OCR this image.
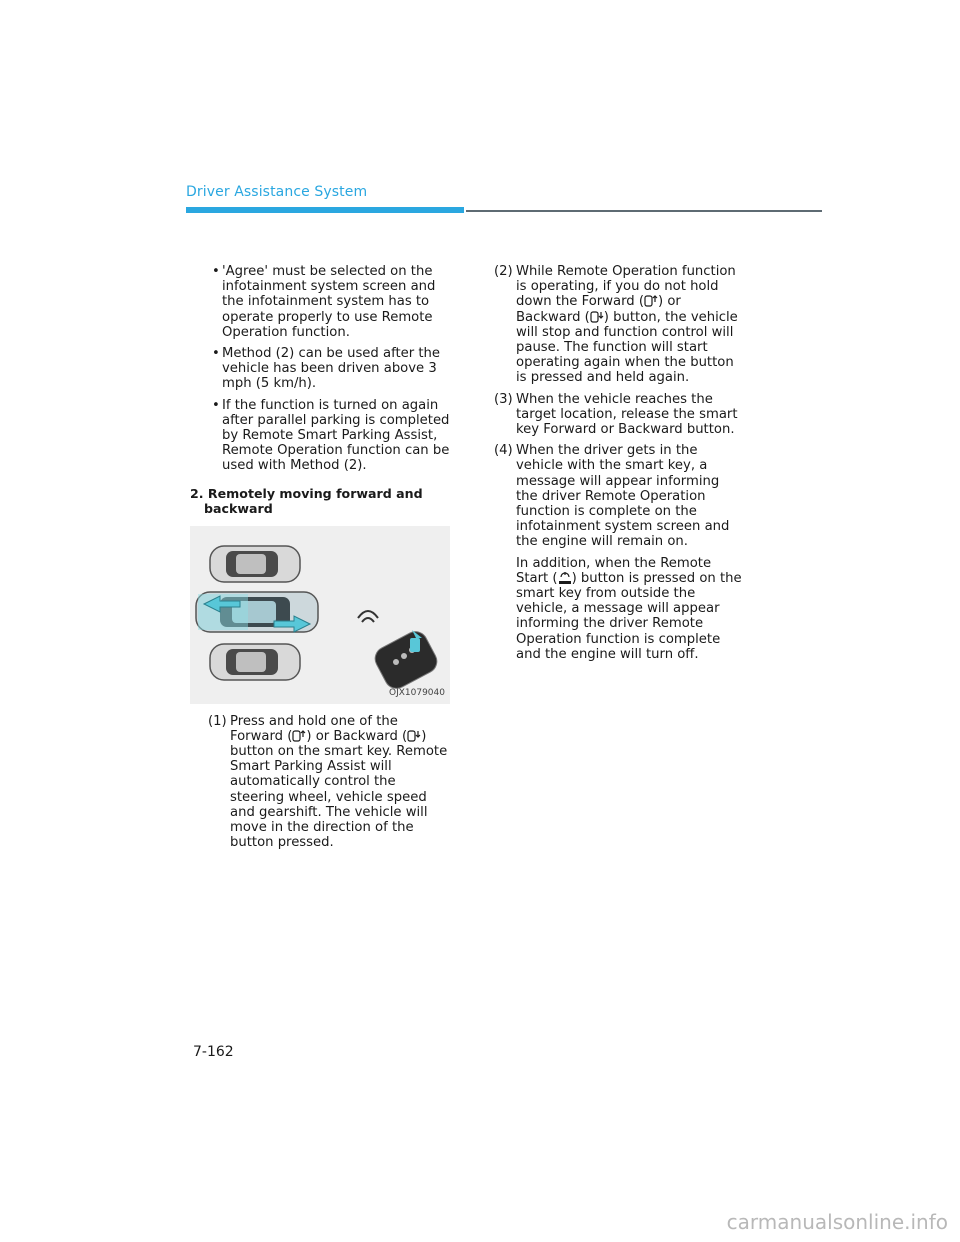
Driver Assistance System
• 'Agree' must be selected on the infotainment system screen and the infotainment system has to operate properly to use Remote Operation function.
• Method (2) can be used after the vehicle has been driven above 3 mph (5 km/h).
• If the function is turned on again after parallel parking is completed by Remote Smart Parking Assist, Remote Operation function can be used with Method (2).
2. Remotely moving forward and backward
OJX1079040
(1) Press and hold one of the Forward ( ) or Backward ( ) button on the smart key. Remote Smart Parking Assist will automatically control the steering wheel, vehicle speed and gearshift. The vehicle will move in the direction of the button pressed.
(2) While Remote Operation function is operating, if you do not hold down the Forward ( ) or Backward ( ) button, the vehicle will stop and function control will pause. The function will start operating again when the button is pressed and held again.
(3) When the vehicle reaches the target location, release the smart key Forward or Backward button.
(4) When the driver gets in the vehicle with the smart key, a message will appear informing the driver Remote Operation function is complete on the infotainment system screen and the engine will remain on.
In addition, when the Remote Start ( ) button is pressed on the smart key from outside the vehicle, a message will appear informing the driver Remote Operation function is complete and the engine will turn off.
7-162
carmanualsonline.info
